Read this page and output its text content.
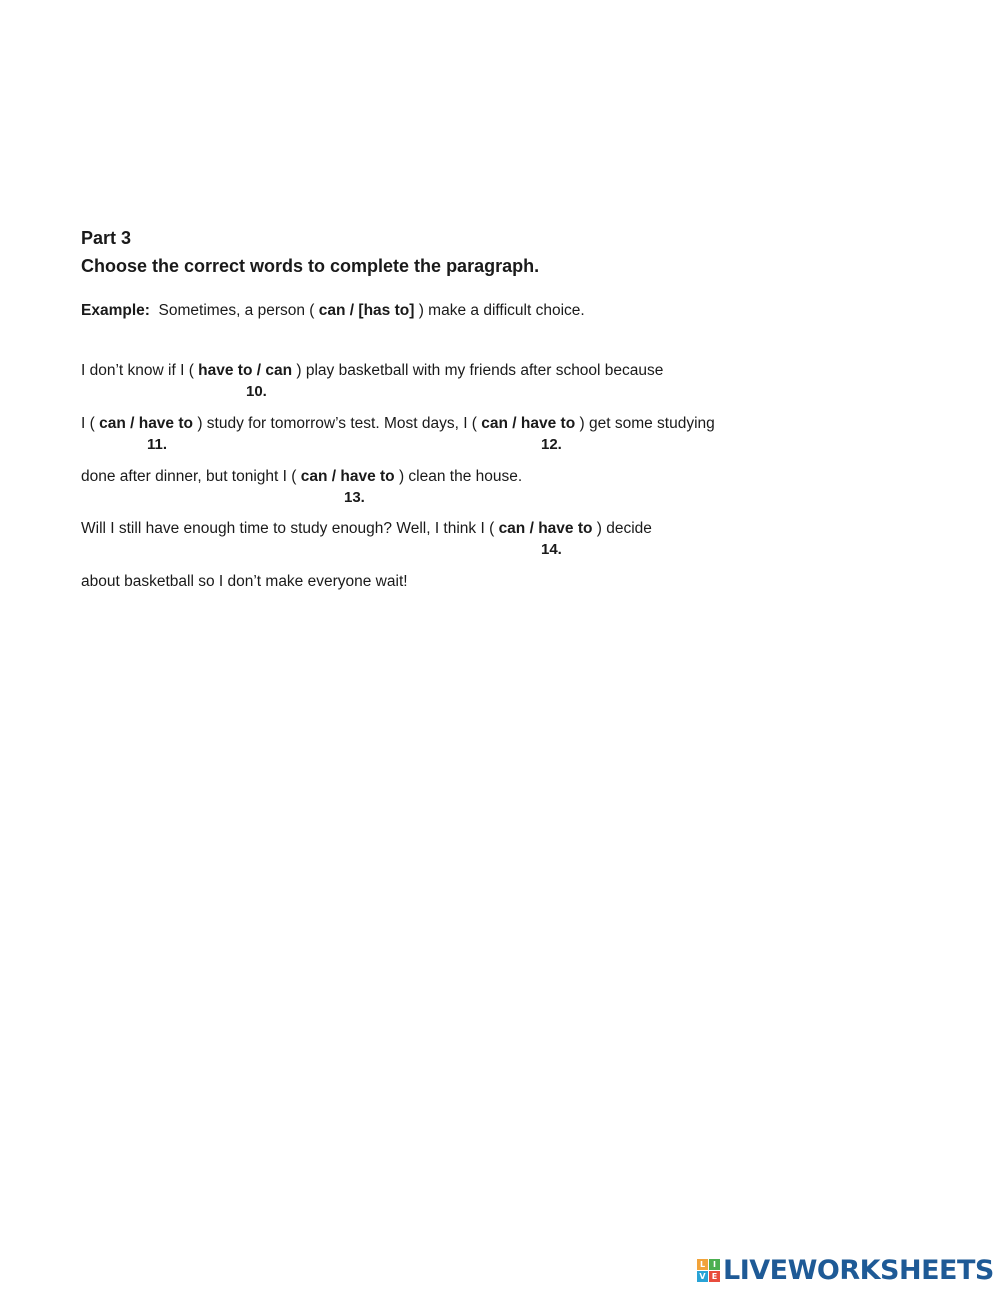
Part 3
Choose the correct words to complete the paragraph.
Example: Sometimes, a person ( can / [has to] ) make a difficult choice.
I don’t know if I ( have to / can ) play basketball with my friends after school because
10.
I ( can / have to ) study for tomorrow’s test. Most days, I ( can / have to ) get some studying
11.	12.
done after dinner, but tonight I ( can / have to ) clean the house.
13.
Will I still have enough time to study enough? Well, I think I ( can / have to ) decide
14.
about basketball so I don’t make everyone wait!
L I
V E LIVEWORKSHEETS
